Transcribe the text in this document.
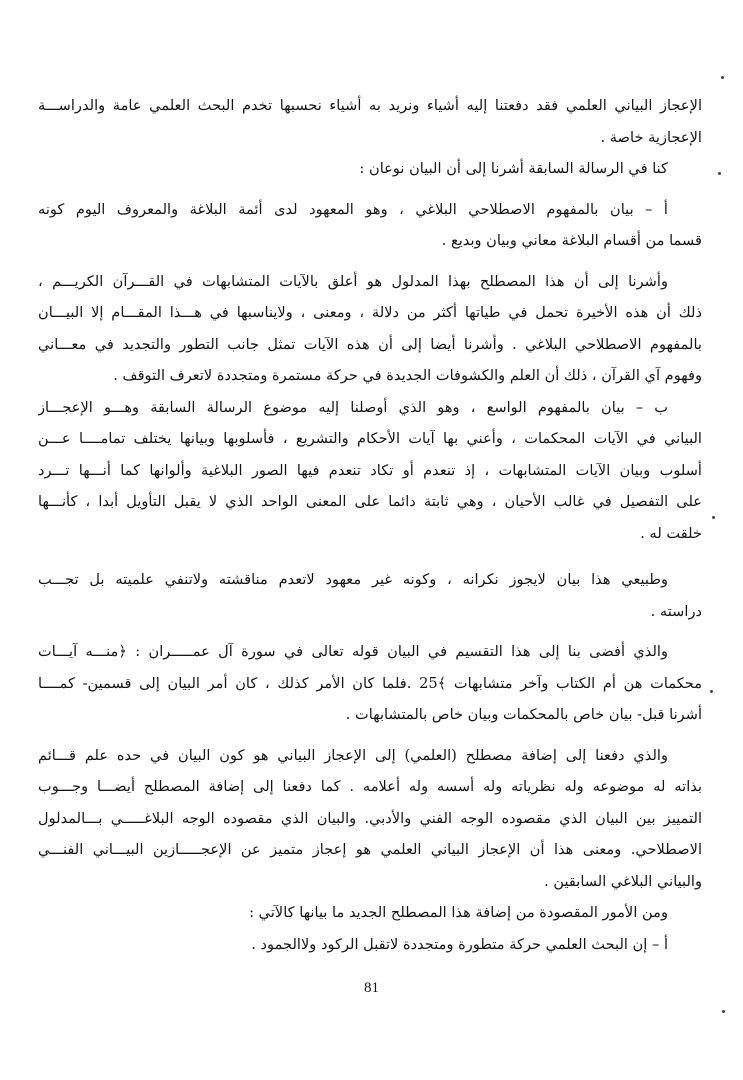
الإعجاز البياني العلمي فقد دفعتنا إليه أشياء ونريد به أشياء نحسبها تخدم البحث العلمي عامة والدراســـة
الإعجازية خاصة .
كنا في الرسالة السابقة أشرنا إلى أن البيان نوعان :
أ – بيان بالمفهوم الاصطلاحي البلاغي ، وهو المعهود لدى أئمة البلاغة والمعروف اليوم كونه
قسما من أقسام البلاغة معاني وبيان وبديع .
وأشرنا إلى أن هذا المصطلح بهذا المدلول هو أعلق بالآيات المتشابهات في القـــرآن الكريـــم ،
ذلك أن هذه الأخيرة تحمل في طياتها أكثر من دلالة ، ومعنى ، ولايناسبها في هـــذا المقـــام إلا البيـــان
بالمفهوم الاصطلاحي البلاغي . وأشرنا أيضا إلى أن هذه الآيات تمثل جانب التطور والتجديد في معـــاني
وفهوم آي القرآن ، ذلك أن العلم والكشوفات الجديدة في حركة مستمرة ومتجددة لاتعرف التوقف .
ب – بيان بالمفهوم الواسع ، وهو الذي أوصلنا إليه موضوع الرسالة السابقة وهـــو الإعجـــاز
البياني في الآيات المحكمات ، وأعني بها آيات الأحكام والتشريع ، فأسلوبها وبيانها يختلف تمامــــا عـــن
أسلوب وبيان الآيات المتشابهات ، إذ تنعدم أو تكاد تنعدم فيها الصور البلاغية وألوانها كما أنـــها تـــرد
على التفصيل في غالب الأحيان ، وهي ثابتة دائما على المعنى الواحد الذي لا يقبل التأويل أبدا ، كأنـــها
خلقت له .
وطبيعي هذا بيان لايجوز نكرانه ، وكونه غير معهود لاتعدم مناقشته ولاتنفي علميته بل تجـــب
دراسته .
والذي أفضى بنا إلى هذا التقسيم في البيان قوله تعالى في سورة آل عمـــــران : ﴿منـــه آيـــات
محكمات هن أم الكتاب وآخر متشابهات ﴾25 .فلما كان الأمر كذلك ، كان أمر البيان إلى قسمين- كمــــا
أشرنا قبل- بيان خاص بالمحكمات وبيان خاص بالمتشابهات .
والذي دفعنا إلى إضافة مصطلح (العلمي) إلى الإعجاز البياني هو كون البيان في حده علم قـــائم
بذاته له موضوعه وله نظرياته وله أسسه وله أعلامه . كما دفعنا إلى إضافة المصطلح أيضـــا وجـــوب
التمييز بين البيان الذي مقصوده الوجه الفني والأدبي. والبيان الذي مقصوده الوجه البلاغـــــي بـــالمدلول
الاصطلاحي. ومعنى هذا أن الإعجاز البياني العلمي هو إعجاز متميز عن الإعجـــــازين البيـــاني الفنـــي
والبياني البلاغي السابقين .
ومن الأمور المقصودة من إضافة هذا المصطلح الجديد ما بيانها كالآتي :
أ – إن البحث العلمي حركة متطورة ومتجددة لاتقبل الركود ولاالجمود .
81
